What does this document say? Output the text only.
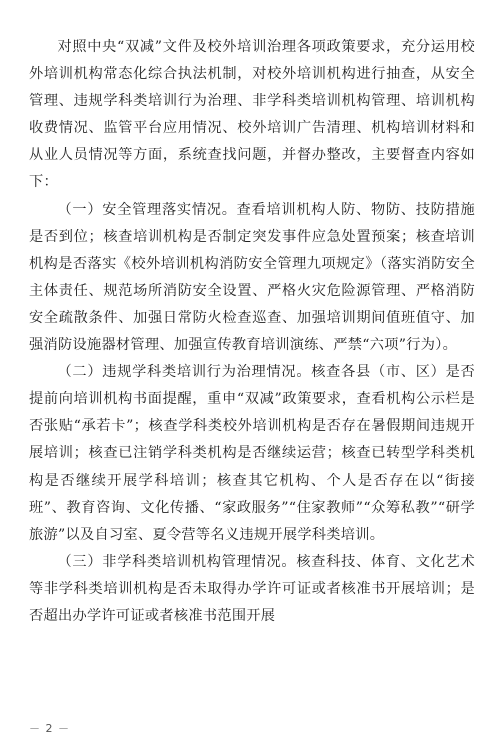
对照中央“双减”文件及校外培训治理各项政策要求，充分运用校外培训机构常态化综合执法机制，对校外培训机构进行抽查，从安全管理、违规学科类培训行为治理、非学科类培训机构管理、培训机构收费情况、监管平台应用情况、校外培训广告清理、机构培训材料和从业人员情况等方面，系统查找问题，并督办整改，主要督查内容如下：

（一）安全管理落实情况。查看培训机构人防、物防、技防措施是否到位；核查培训机构是否制定突发事件应急处置预案；核查培训机构是否落实《校外培训机构消防安全管理九项规定》（落实消防安全主体责任、规范场所消防安全设置、严格火灾危险源管理、严格消防安全疏散条件、加强日常防火检查巡查、加强培训期间值班值守、加强消防设施器材管理、加强宣传教育培训演练、严禁“六项”行为）。

（二）违规学科类培训行为治理情况。核查各县（市、区）是否提前向培训机构书面提醒，重申“双减”政策要求，查看机构公示栏是否张贴“承若卡”；核查学科类校外培训机构是否存在暑假期间违规开展培训；核查已注销学科类机构是否继续运营；核查已转型学科类机构是否继续开展学科培训；核查其它机构、个人是否存在以“街接班”、教育咨询、文化传播、“家政服务”“住家教师”“众筹私教”“研学旅游”以及自习室、夏令营等名义违规开展学科类培训。

（三）非学科类培训机构管理情况。核查科技、体育、文化艺术等非学科类培训机构是否未取得办学许可证或者核准书开展培训；是否超出办学许可证或者核准书范围开展

－ 2 －
